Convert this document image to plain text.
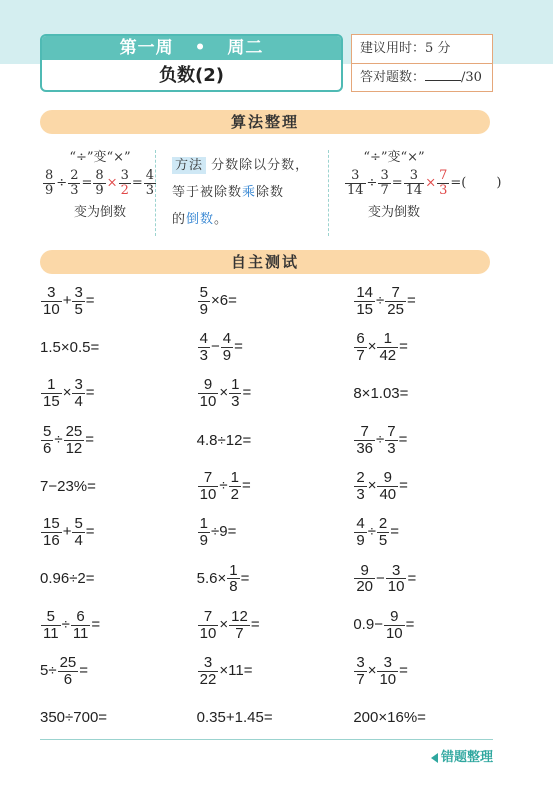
第一周 • 周二
负数(2)
建议用时：5 分
答对题数：	/30
算法整理
“÷”变“×”
$\frac{8}{9} \div \frac{2}{3} = \frac{8}{9} \times \frac{3}{2} = \frac{4}{3}$
变为倒数
方法 分数除以分数，
等于被除数乘除数
的倒数。
“÷”变“×”
$\frac{3}{14} \div \frac{3}{7} = \frac{3}{14} \times \frac{7}{3}$ =( )
变为倒数
自主测试
$\frac{3}{10} + \frac{3}{5}$ =	$\frac{5}{9} \times 6=$	$\frac{14}{15} \div \frac{7}{25}$ =
1.5×0.5=	$\frac{4}{3} - \frac{4}{9}$ =	$\frac{6}{7} \times \frac{1}{42}$ =
$\frac{1}{15} \times \frac{3}{4}$ =	$\frac{9}{10} \times \frac{1}{3}$ =	8×1.03=
$\frac{5}{6} \div \frac{25}{12}$ =	4.8÷12=	$\frac{7}{36} \div \frac{7}{3}$ =
7−23%=	$\frac{7}{10} \div \frac{1}{2}$ =	$\frac{2}{3} \times \frac{9}{40}$ =
$\frac{15}{16} + \frac{5}{4}$ =	$\frac{1}{9} \div 9=$	$\frac{4}{9} \div \frac{2}{5}$ =
0.96÷2=	$5.6\times \frac{1}{8}$ =	$\frac{9}{20} - \frac{3}{10}$ =
$\frac{5}{11} \div \frac{6}{11}$ =	$\frac{7}{10} \times \frac{12}{7}$ =	$0.9- \frac{9}{10}$ =
$5\div \frac{25}{6}$ =	$\frac{3}{22} \times 11=$	$\frac{3}{7} \times \frac{3}{10}$ =
350÷700=	0.35+1.45=	200×16%=
错题整理
